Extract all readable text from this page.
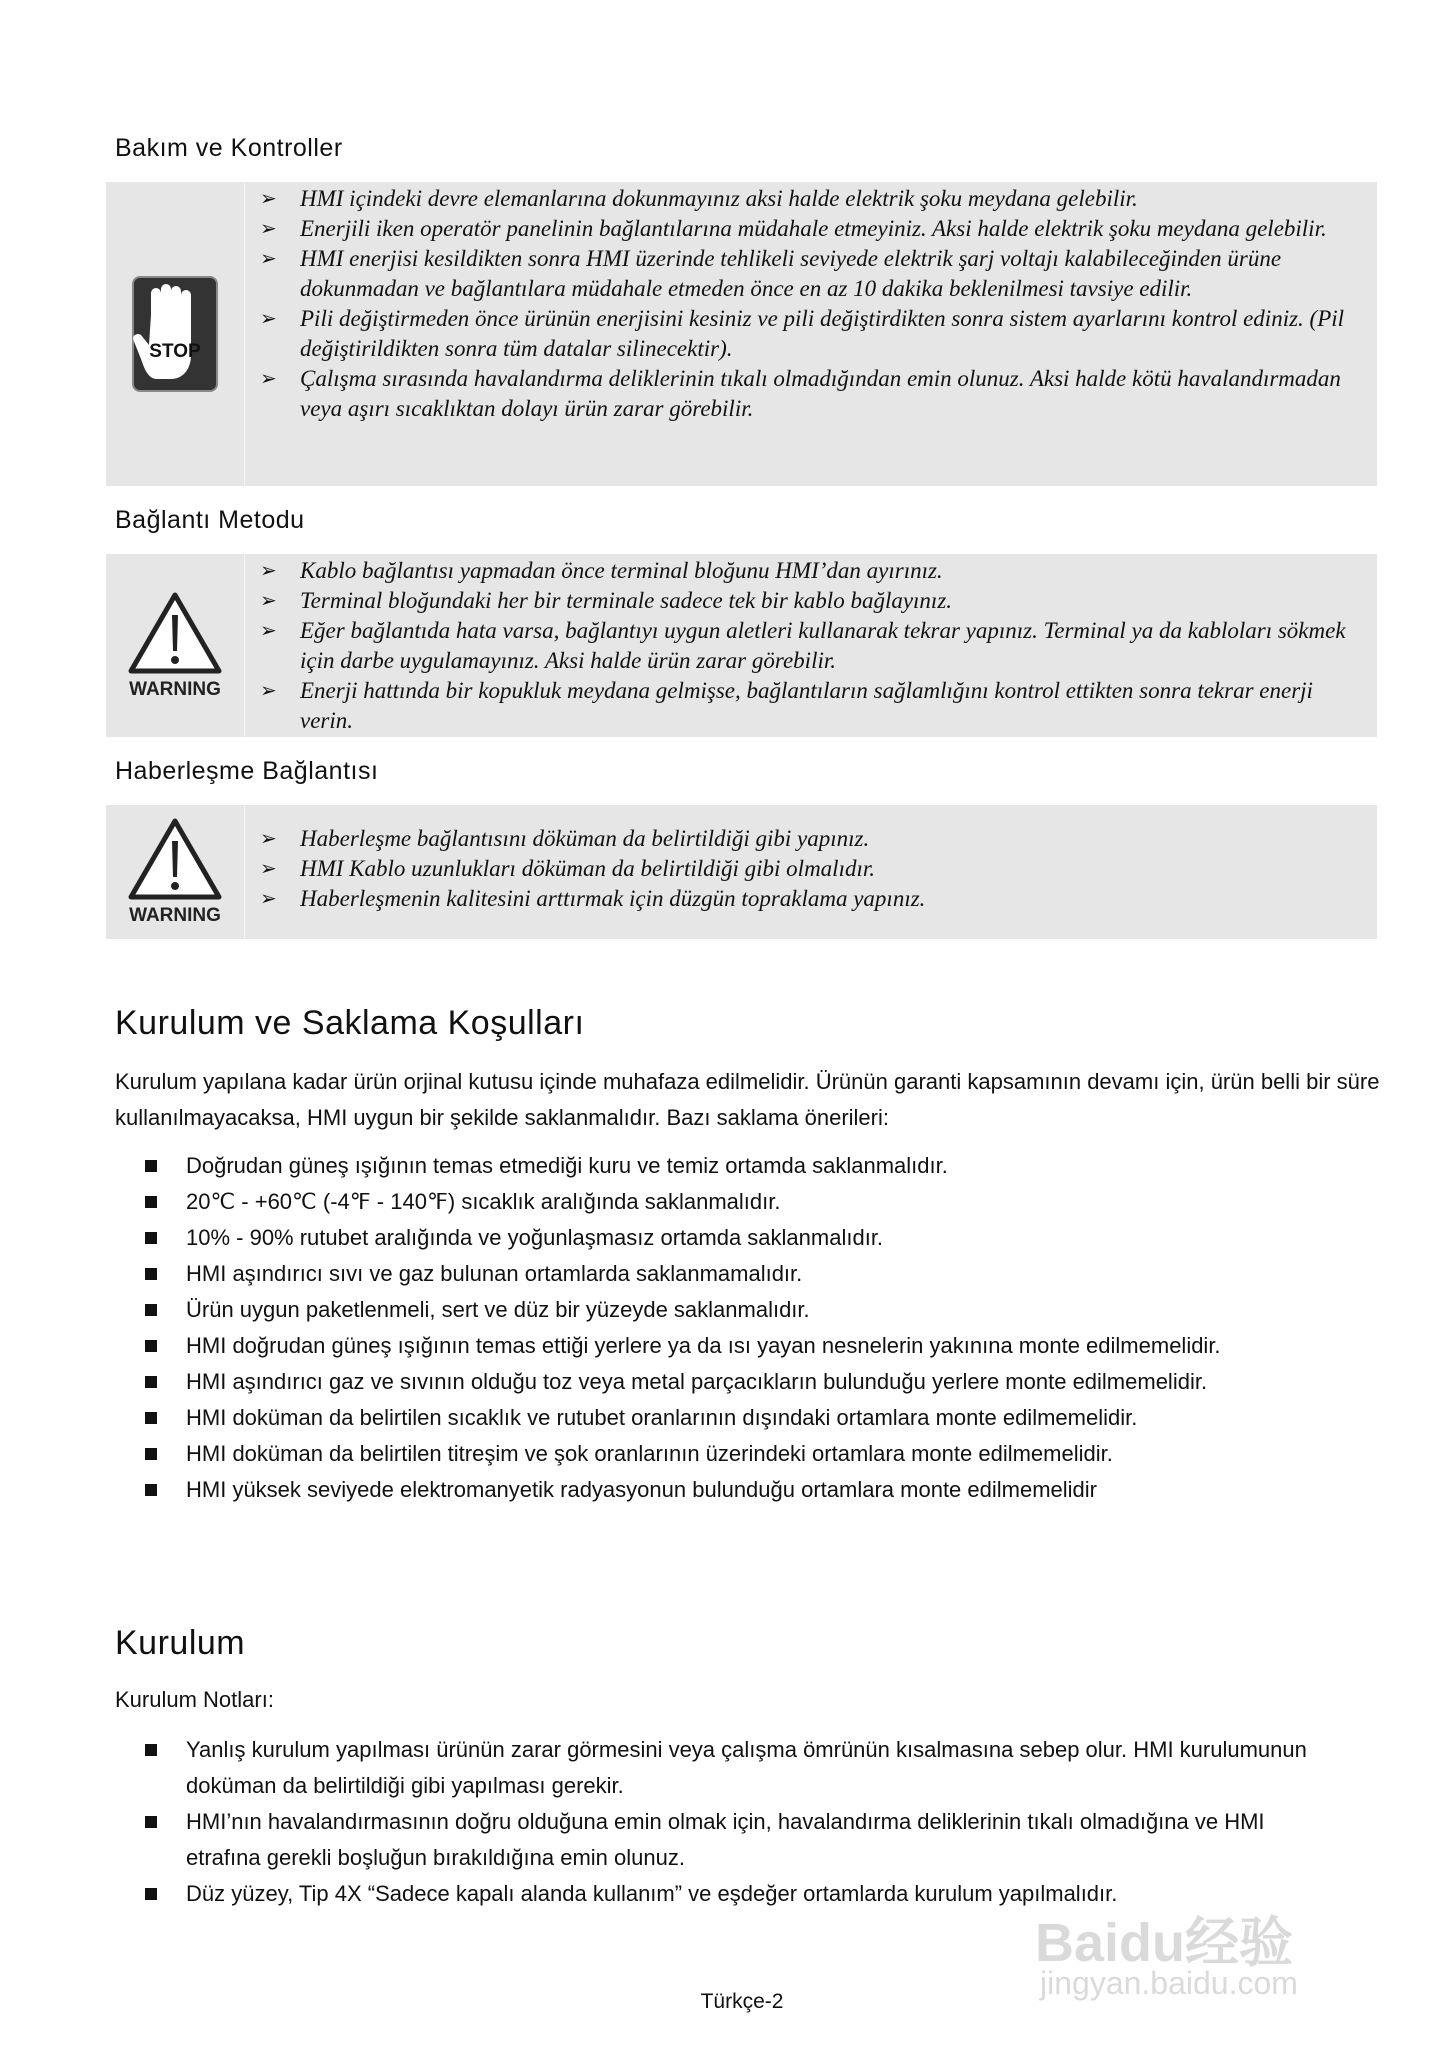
Bakım ve Kontroller
STOP
➢ HMI içindeki devre elemanlarına dokunmayınız aksi halde elektrik şoku meydana gelebilir.
➢ Enerjili iken operatör panelinin bağlantılarına müdahale etmeyiniz. Aksi halde elektrik şoku meydana gelebilir.
➢ HMI enerjisi kesildikten sonra HMI üzerinde tehlikeli seviyede elektrik şarj voltajı kalabileceğinden ürüne dokunmadan ve bağlantılara müdahale etmeden önce en az 10 dakika beklenilmesi tavsiye edilir.
➢ Pili değiştirmeden önce ürünün enerjisini kesiniz ve pili değiştirdikten sonra sistem ayarlarını kontrol ediniz. (Pil değiştirildikten sonra tüm datalar silinecektir).
➢ Çalışma sırasında havalandırma deliklerinin tıkalı olmadığından emin olunuz. Aksi halde kötü havalandırmadan veya aşırı sıcaklıktan dolayı ürün zarar görebilir.
Bağlantı Metodu
WARNING
➢ Kablo bağlantısı yapmadan önce terminal bloğunu HMI’dan ayırınız.
➢ Terminal bloğundaki her bir terminale sadece tek bir kablo bağlayınız.
➢ Eğer bağlantıda hata varsa, bağlantıyı uygun aletleri kullanarak tekrar yapınız. Terminal ya da kabloları sökmek için darbe uygulamayınız. Aksi halde ürün zarar görebilir.
➢ Enerji hattında bir kopukluk meydana gelmişse, bağlantıların sağlamlığını kontrol ettikten sonra tekrar enerji verin.
Haberleşme Bağlantısı
WARNING
➢ Haberleşme bağlantısını döküman da belirtildiği gibi yapınız.
➢ HMI Kablo uzunlukları döküman da belirtildiği gibi olmalıdır.
➢ Haberleşmenin kalitesini arttırmak için düzgün topraklama yapınız.
Kurulum ve Saklama Koşulları
Kurulum yapılana kadar ürün orjinal kutusu içinde muhafaza edilmelidir. Ürünün garanti kapsamının devamı için, ürün belli bir süre kullanılmayacaksa, HMI uygun bir şekilde saklanmalıdır. Bazı saklama önerileri:
Doğrudan güneş ışığının temas etmediği kuru ve temiz ortamda saklanmalıdır.
20℃ - +60℃ (-4℉ - 140℉) sıcaklık aralığında saklanmalıdır.
10% - 90% rutubet aralığında ve yoğunlaşmasız ortamda saklanmalıdır.
HMI aşındırıcı sıvı ve gaz bulunan ortamlarda saklanmamalıdır.
Ürün uygun paketlenmeli, sert ve düz bir yüzeyde saklanmalıdır.
HMI doğrudan güneş ışığının temas ettiği yerlere ya da ısı yayan nesnelerin yakınına monte edilmemelidir.
HMI aşındırıcı gaz ve sıvının olduğu toz veya metal parçacıkların bulunduğu yerlere monte edilmemelidir.
HMI doküman da belirtilen sıcaklık ve rutubet oranlarının dışındaki ortamlara monte edilmemelidir.
HMI doküman da belirtilen titreşim ve şok oranlarının üzerindeki ortamlara monte edilmemelidir.
HMI yüksek seviyede elektromanyetik radyasyonun bulunduğu ortamlara monte edilmemelidir
Kurulum
Kurulum Notları:
Yanlış kurulum yapılması ürünün zarar görmesini veya çalışma ömrünün kısalmasına sebep olur. HMI kurulumunun doküman da belirtildiği gibi yapılması gerekir.
HMI’nın havalandırmasının doğru olduğuna emin olmak için, havalandırma deliklerinin tıkalı olmadığına ve HMI etrafına gerekli boşluğun bırakıldığına emin olunuz.
Düz yüzey, Tip 4X “Sadece kapalı alanda kullanım” ve eşdeğer ortamlarda kurulum yapılmalıdır.
Baidu经验
jingyan.baidu.com
Türkçe-2
